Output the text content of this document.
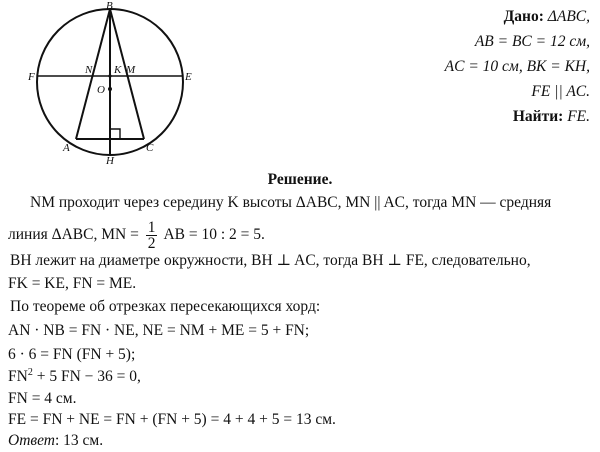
B
F
N K M
E
O
A
H
C
Дано: ΔABC,
AB = BC = 12 см,
AC = 10 см, BK = KH,
FE || AC.
Найти: FE.
Решение.
NM проходит через середину K высоты ΔABC, MN || AC, тогда MN — средняя
линия ΔABC, MN = $\frac{1}{2}$ AB = 10 : 2 = 5.
BH лежит на диаметре окружности, BH ⊥ AC, тогда BH ⊥ FE, следовательно,
FK = KE, FN = ME.
По теореме об отрезках пересекающихся хорд:
AN · NB = FN · NE, NE = NM + ME = 5 + FN;
6 · 6 = FN (FN + 5);
$FN^2 + 5$ FN − 36 = 0,
FN = 4 см.
FE = FN + NE = FN + (FN + 5) = 4 + 4 + 5 = 13 см.
Ответ: 13 см.
